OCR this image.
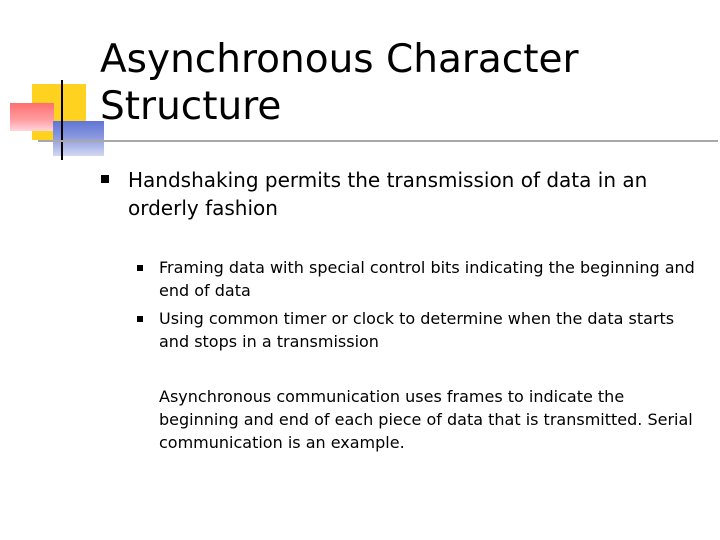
Asynchronous Character Structure

Handshaking permits the transmission of data in an orderly fashion

Framing data with special control bits indicating the beginning and end of data

Using common timer or clock to determine when the data starts and stops in a transmission

Asynchronous communication uses frames to indicate the beginning and end of each piece of data that is transmitted. Serial communication is an example.
